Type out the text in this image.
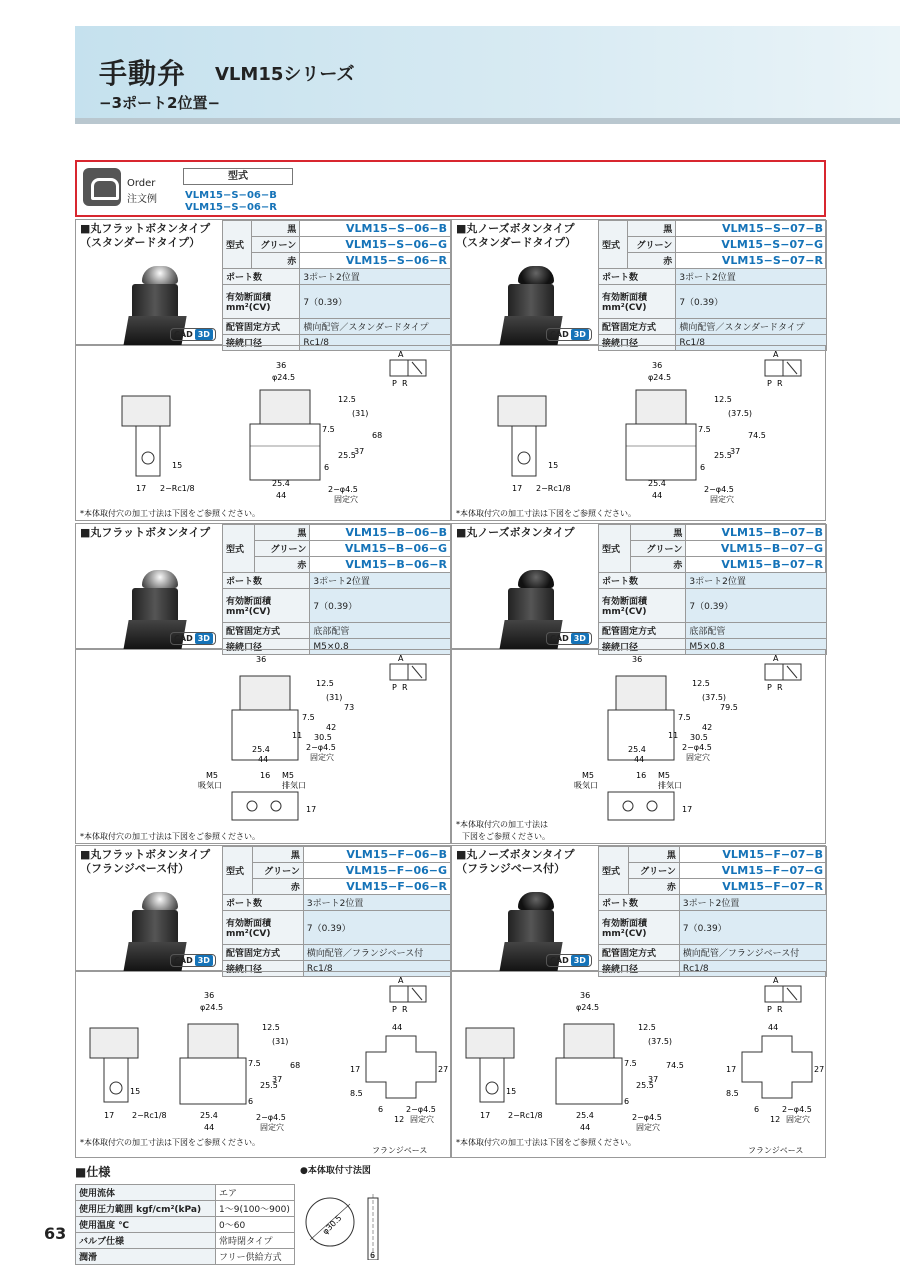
手動弁 VLM15シリーズ
−3ポート2位置−
Order
注文例
型式
VLM15−S−06−B
VLM15−S−06−R
■丸フラットボタンタイプ
（スタンダードタイプ）
CAD 3D
型式	黒	VLM15−S−06−B
	グリーン	VLM15−S−06−G
	赤	VLM15−S−06−R
ポート数		3ポート2位置

有効断面積
mm²(CV)		7（0.39）
配管固定方式		横向配管／スタンダードタイプ
接続口径		Rc1/8
A
P R
17
15
2−Rc1/8
36
φ24.5
25.4
44
2−φ4.5
固定穴
12.5
(31)
7.5
37
68
25.5
6
*本体取付穴の加工寸法は下図をご参照ください。
■丸ノーズボタンタイプ
（スタンダードタイプ）
CAD 3D
型式	黒	VLM15−S−07−B
	グリーン	VLM15−S−07−G
	赤	VLM15−S−07−R
ポート数		3ポート2位置

有効断面積
mm²(CV)		7（0.39）
配管固定方式		横向配管／スタンダードタイプ
接続口径		Rc1/8
A
P R
17
15
2−Rc1/8
36
φ24.5
25.4
44
2−φ4.5
固定穴
12.5
(37.5)
7.5
37
74.5
25.5
6
*本体取付穴の加工寸法は下図をご参照ください。
■丸フラットボタンタイプ
CAD 3D
型式	黒	VLM15−B−06−B
	グリーン	VLM15−B−06−G
	赤	VLM15−B−06−R
ポート数		3ポート2位置

有効断面積
mm²(CV)		7（0.39）
配管固定方式		底部配管
接続口径		M5×0.8
A
P R
36
25.4
44
2−φ4.5
固定穴
12.5
(31)
7.5
42
73
30.5
11
M5
吸気口
16 M5
排気口
17
*本体取付穴の加工寸法は下図をご参照ください。
■丸ノーズボタンタイプ
CAD 3D
型式	黒	VLM15−B−07−B
	グリーン	VLM15−B−07−G
	赤	VLM15−B−07−R
ポート数		3ポート2位置

有効断面積
mm²(CV)		7（0.39）
配管固定方式		底部配管
接続口径		M5×0.8
A
P R
36
25.4
44
2−φ4.5
固定穴
12.5
(37.5)
7.5
42
79.5
30.5
11
M5
吸気口
16 M5
排気口
17
*本体取付穴の加工寸法は
下図をご参照ください。
■丸フラットボタンタイプ
（フランジベース付）
CAD 3D
型式	黒	VLM15−F−06−B
	グリーン	VLM15−F−06−G
	赤	VLM15−F−06−R
ポート数		3ポート2位置

有効断面積
mm²(CV)		7（0.39）
配管固定方式		横向配管／フランジベース付
接続口径		Rc1/8
A
P R
17
15
2−Rc1/8
36
φ24.5
25.4
44
2−φ4.5
固定穴
12.5
(31)
7.5
37
68
25.5
6
44
17	27
8.5
6
12
2−φ4.5
固定穴
フランジベース
*本体取付穴の加工寸法は下図をご参照ください。
■丸ノーズボタンタイプ
（フランジベース付）
CAD 3D
型式	黒	VLM15−F−07−B
	グリーン	VLM15−F−07−G
	赤	VLM15−F−07−R
ポート数		3ポート2位置

有効断面積
mm²(CV)		7（0.39）
配管固定方式		横向配管／フランジベース付
接続口径		Rc1/8
A
P R
17
15
2−Rc1/8
36
φ24.5
25.4
44
2−φ4.5
固定穴
12.5
(37.5)
7.5
37
74.5
25.5
6
44
17	27
8.5
6
12
2−φ4.5
固定穴
フランジベース
*本体取付穴の加工寸法は下図をご参照ください。
■仕様
使用流体	エア
使用圧力範囲 kgf/cm²(kPa)	1〜9(100〜900)
使用温度 ℃	0〜60
バルブ仕様	常時閉タイプ
潤滑	フリー供給方式
●本体取付寸法図
φ30.5
6
63
